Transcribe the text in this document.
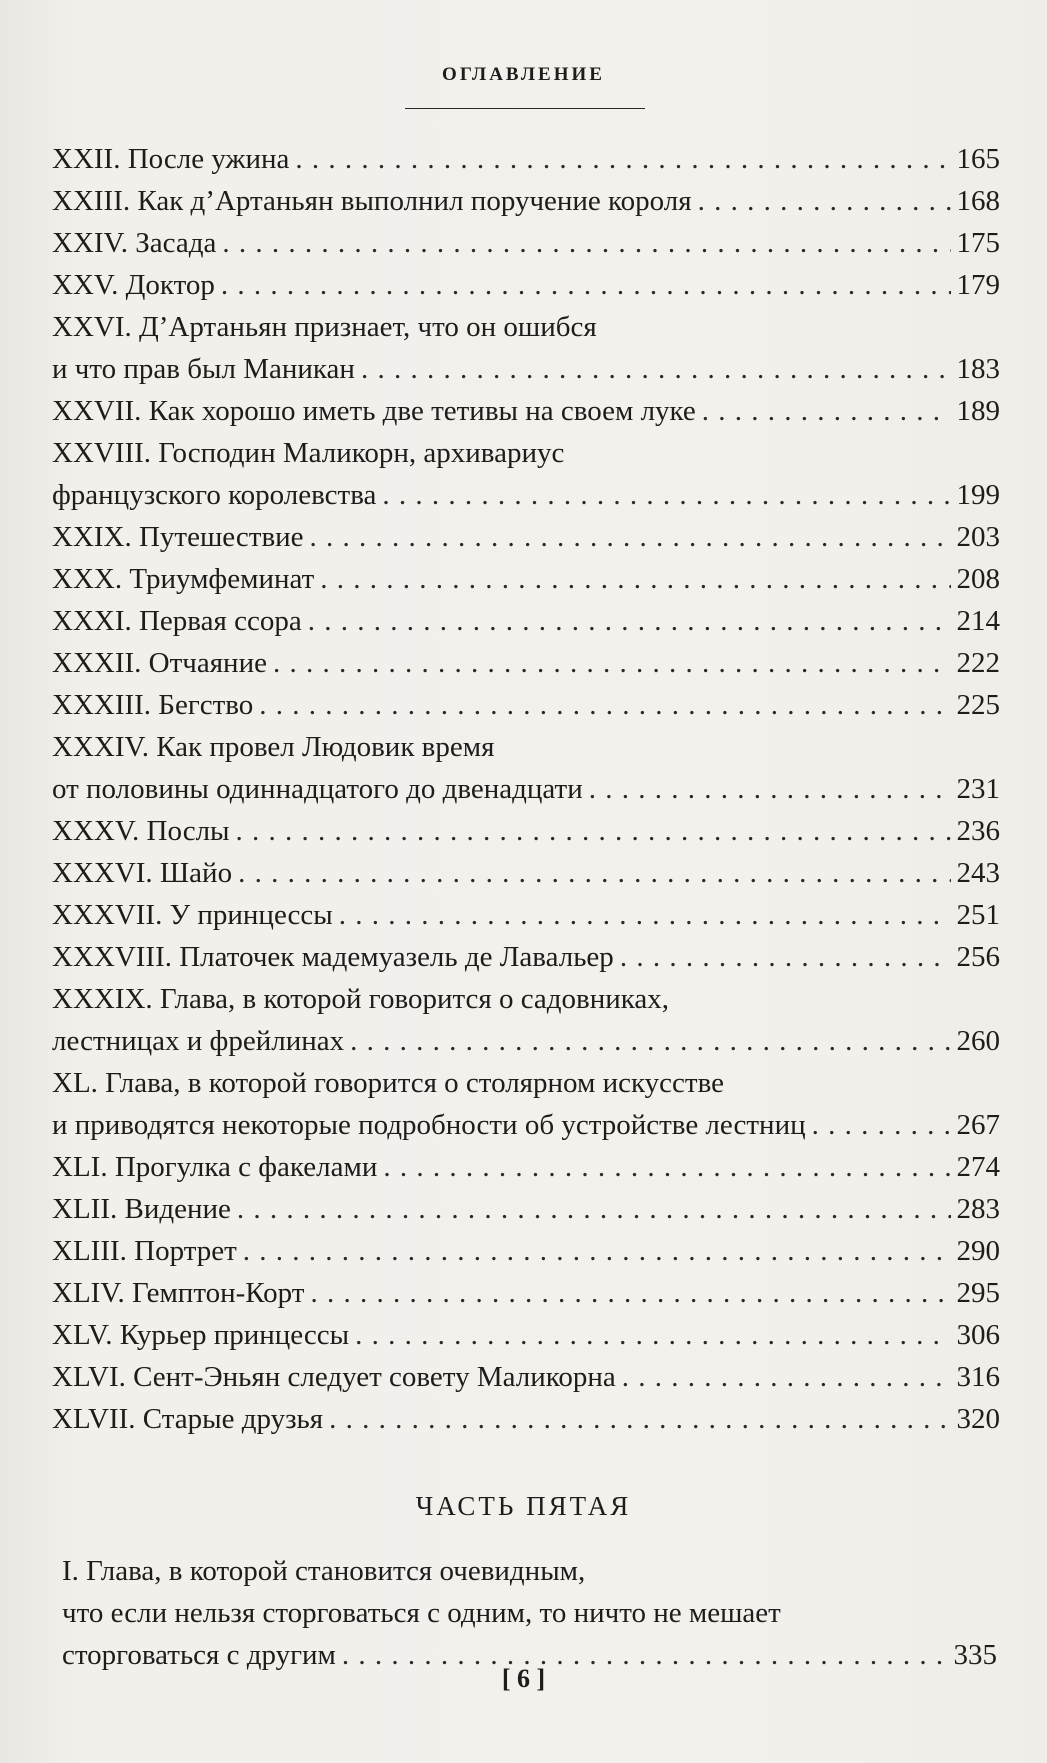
ОГЛАВЛЕНИЕ
XXII. После ужина . . .	165
XXIII. Как д’Артаньян выполнил поручение короля . . .	168
XXIV. Засада . . .	175
XXV. Доктор . . .	179
XXVI. Д’Артаньян признает, что он ошибся
и что прав был Маникан . . .	183
XXVII. Как хорошо иметь две тетивы на своем луке . . .	189
XXVIII. Господин Маликорн, архивариус
французского королевства . . .	199
XXIX. Путешествие . . .	203
XXX. Триумфеминат . . .	208
XXXI. Первая ссора . . .	214
XXXII. Отчаяние . . .	222
XXXIII. Бегство . . .	225
XXXIV. Как провел Людовик время
от половины одиннадцатого до двенадцати . . .	231
XXXV. Послы . . .	236
XXXVI. Шайо . . .	243
XXXVII. У принцессы . . .	251
XXXVIII. Платочек мадемуазель де Лавальер . . .	256
XXXIX. Глава, в которой говорится о садовниках,
лестницах и фрейлинах . . .	260
XL. Глава, в которой говорится о столярном искусстве
и приводятся некоторые подробности об устройстве лестниц . . .	267
XLI. Прогулка с факелами . . .	274
XLII. Видение . . .	283
XLIII. Портрет . . .	290
XLIV. Гемптон-Корт . . .	295
XLV. Курьер принцессы . . .	306
XLVI. Сент-Эньян следует совету Маликорна . . .	316
XLVII. Старые друзья . . .	320
ЧАСТЬ ПЯТАЯ
I. Глава, в которой становится очевидным,
что если нельзя сторговаться с одним, то ничто не мешает
сторговаться с другим . . .	335
[ 6 ]
